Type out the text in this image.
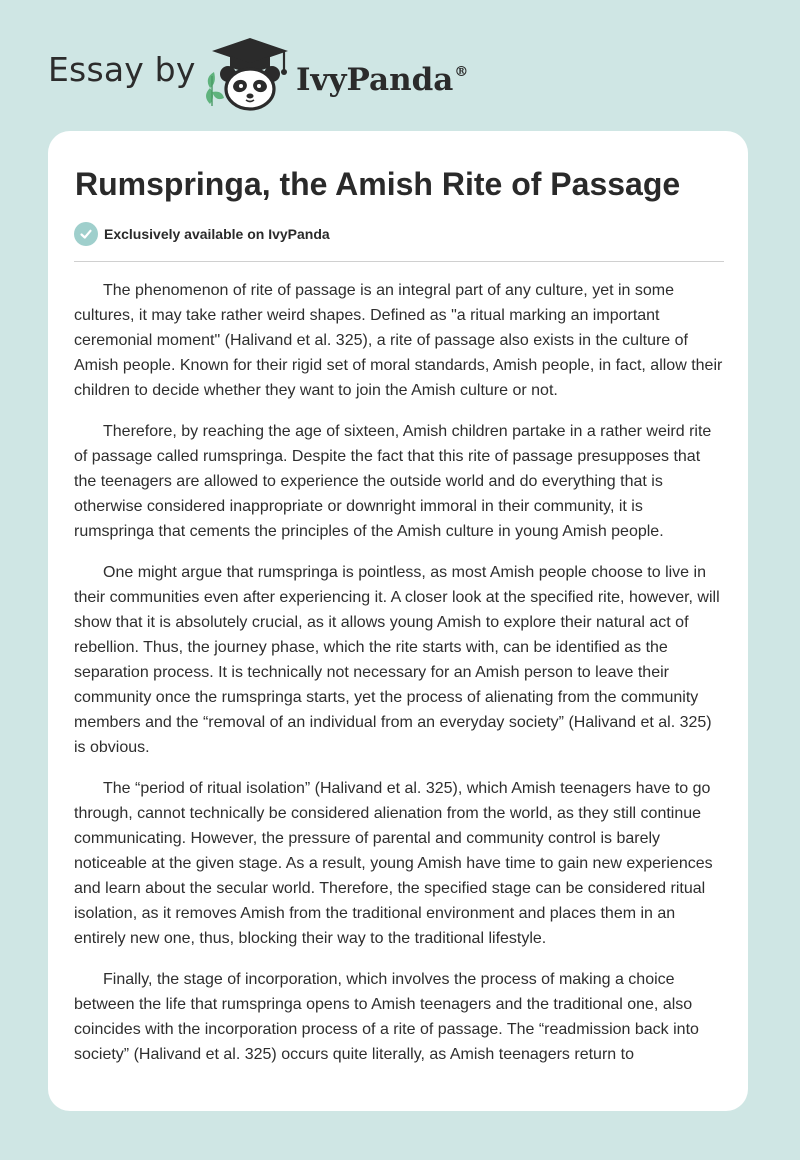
Essay by	IvyPanda®
Rumspringa, the Amish Rite of Passage
Exclusively available on IvyPanda

The phenomenon of rite of passage is an integral part of any culture, yet in some cultures, it may take rather weird shapes. Defined as "a ritual marking an important ceremonial moment" (Halivand et al. 325), a rite of passage also exists in the culture of Amish people. Known for their rigid set of moral standards, Amish people, in fact, allow their children to decide whether they want to join the Amish culture or not.

Therefore, by reaching the age of sixteen, Amish children partake in a rather weird rite of passage called rumspringa. Despite the fact that this rite of passage presupposes that the teenagers are allowed to experience the outside world and do everything that is otherwise considered inappropriate or downright immoral in their community, it is rumspringa that cements the principles of the Amish culture in young Amish people.

One might argue that rumspringa is pointless, as most Amish people choose to live in their communities even after experiencing it. A closer look at the specified rite, however, will show that it is absolutely crucial, as it allows young Amish to explore their natural act of rebellion. Thus, the journey phase, which the rite starts with, can be identified as the separation process. It is technically not necessary for an Amish person to leave their community once the rumspringa starts, yet the process of alienating from the community members and the “removal of an individual from an everyday society” (Halivand et al. 325) is obvious.

The “period of ritual isolation” (Halivand et al. 325), which Amish teenagers have to go through, cannot technically be considered alienation from the world, as they still continue communicating. However, the pressure of parental and community control is barely noticeable at the given stage. As a result, young Amish have time to gain new experiences and learn about the secular world. Therefore, the specified stage can be considered ritual isolation, as it removes Amish from the traditional environment and places them in an entirely new one, thus, blocking their way to the traditional lifestyle.

Finally, the stage of incorporation, which involves the process of making a choice between the life that rumspringa opens to Amish teenagers and the traditional one, also coincides with the incorporation process of a rite of passage. The “readmission back into society” (Halivand et al. 325) occurs quite literally, as Amish teenagers return to
